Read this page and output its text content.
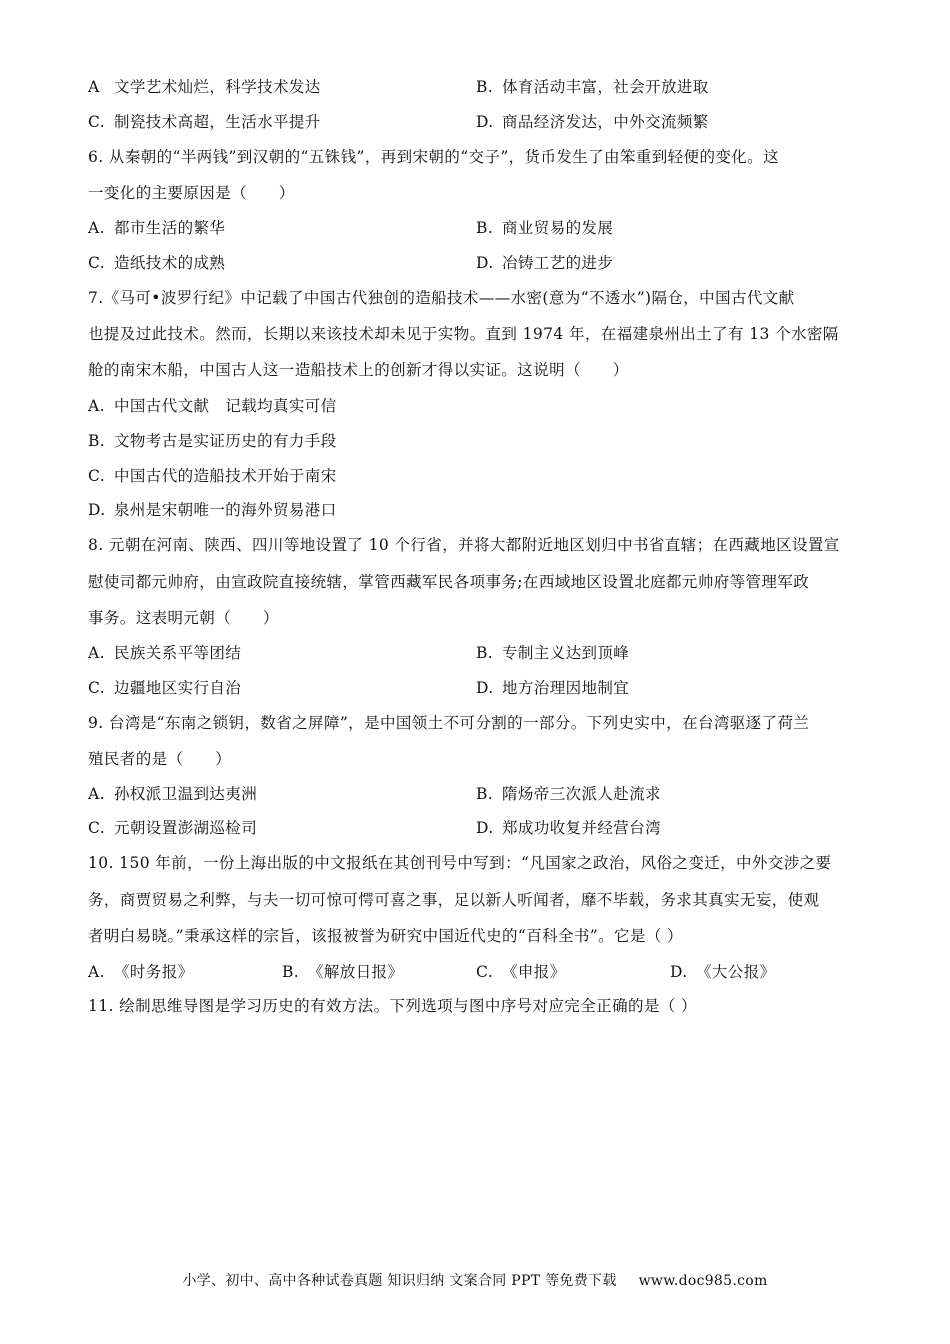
A 文学艺术灿烂，科学技术发达	B. 体育活动丰富，社会开放进取
C. 制瓷技术高超，生活水平提升	D. 商品经济发达，中外交流频繁
6. 从秦朝的“半两钱”到汉朝的“五铢钱”，再到宋朝的“交子”，货币发生了由笨重到轻便的变化。这
一变化的主要原因是（　　）
A. 都市生活的繁华	B. 商业贸易的发展
C. 造纸技术的成熟	D. 冶铸工艺的进步
7.《马可•波罗行纪》中记载了中国古代独创的造船技术——水密(意为“不透水”)隔仓，中国古代文献
也提及过此技术。然而，长期以来该技术却未见于实物。直到 1974 年，在福建泉州出土了有 13 个水密隔
舱的南宋木船，中国古人这一造船技术上的创新才得以实证。这说明（　　）
A. 中国古代文献　记载均真实可信
B. 文物考古是实证历史的有力手段
C. 中国古代的造船技术开始于南宋
D. 泉州是宋朝唯一的海外贸易港口
8. 元朝在河南、陕西、四川等地设置了 10 个行省，并将大都附近地区划归中书省直辖；在西藏地区设置宣
慰使司都元帅府，由宣政院直接统辖，掌管西藏军民各项事务;在西域地区设置北庭都元帅府等管理军政
事务。这表明元朝（　　）
A. 民族关系平等团结	B. 专制主义达到顶峰
C. 边疆地区实行自治	D. 地方治理因地制宜
9. 台湾是“东南之锁钥，数省之屏障”，是中国领土不可分割的一部分。下列史实中，在台湾驱逐了荷兰
殖民者的是（　　）
A. 孙权派卫温到达夷洲	B. 隋炀帝三次派人赴流求
C. 元朝设置澎湖巡检司	D. 郑成功收复并经营台湾
10. 150 年前，一份上海出版的中文报纸在其创刊号中写到：“凡国家之政治，风俗之变迁，中外交涉之要
务，商贾贸易之利弊，与夫一切可惊可愕可喜之事，足以新人听闻者，靡不毕载，务求其真实无妄，使观
者明白易晓。”秉承这样的宗旨，该报被誉为研究中国近代史的“百科全书”。它是（ ）
A. 《时务报》	B. 《解放日报》	C. 《申报》	D. 《大公报》
11. 绘制思维导图是学习历史的有效方法。下列选项与图中序号对应完全正确的是（ ）
小学、初中、高中各种试卷真题 知识归纳 文案合同 PPT 等免费下载 www.doc985.com
